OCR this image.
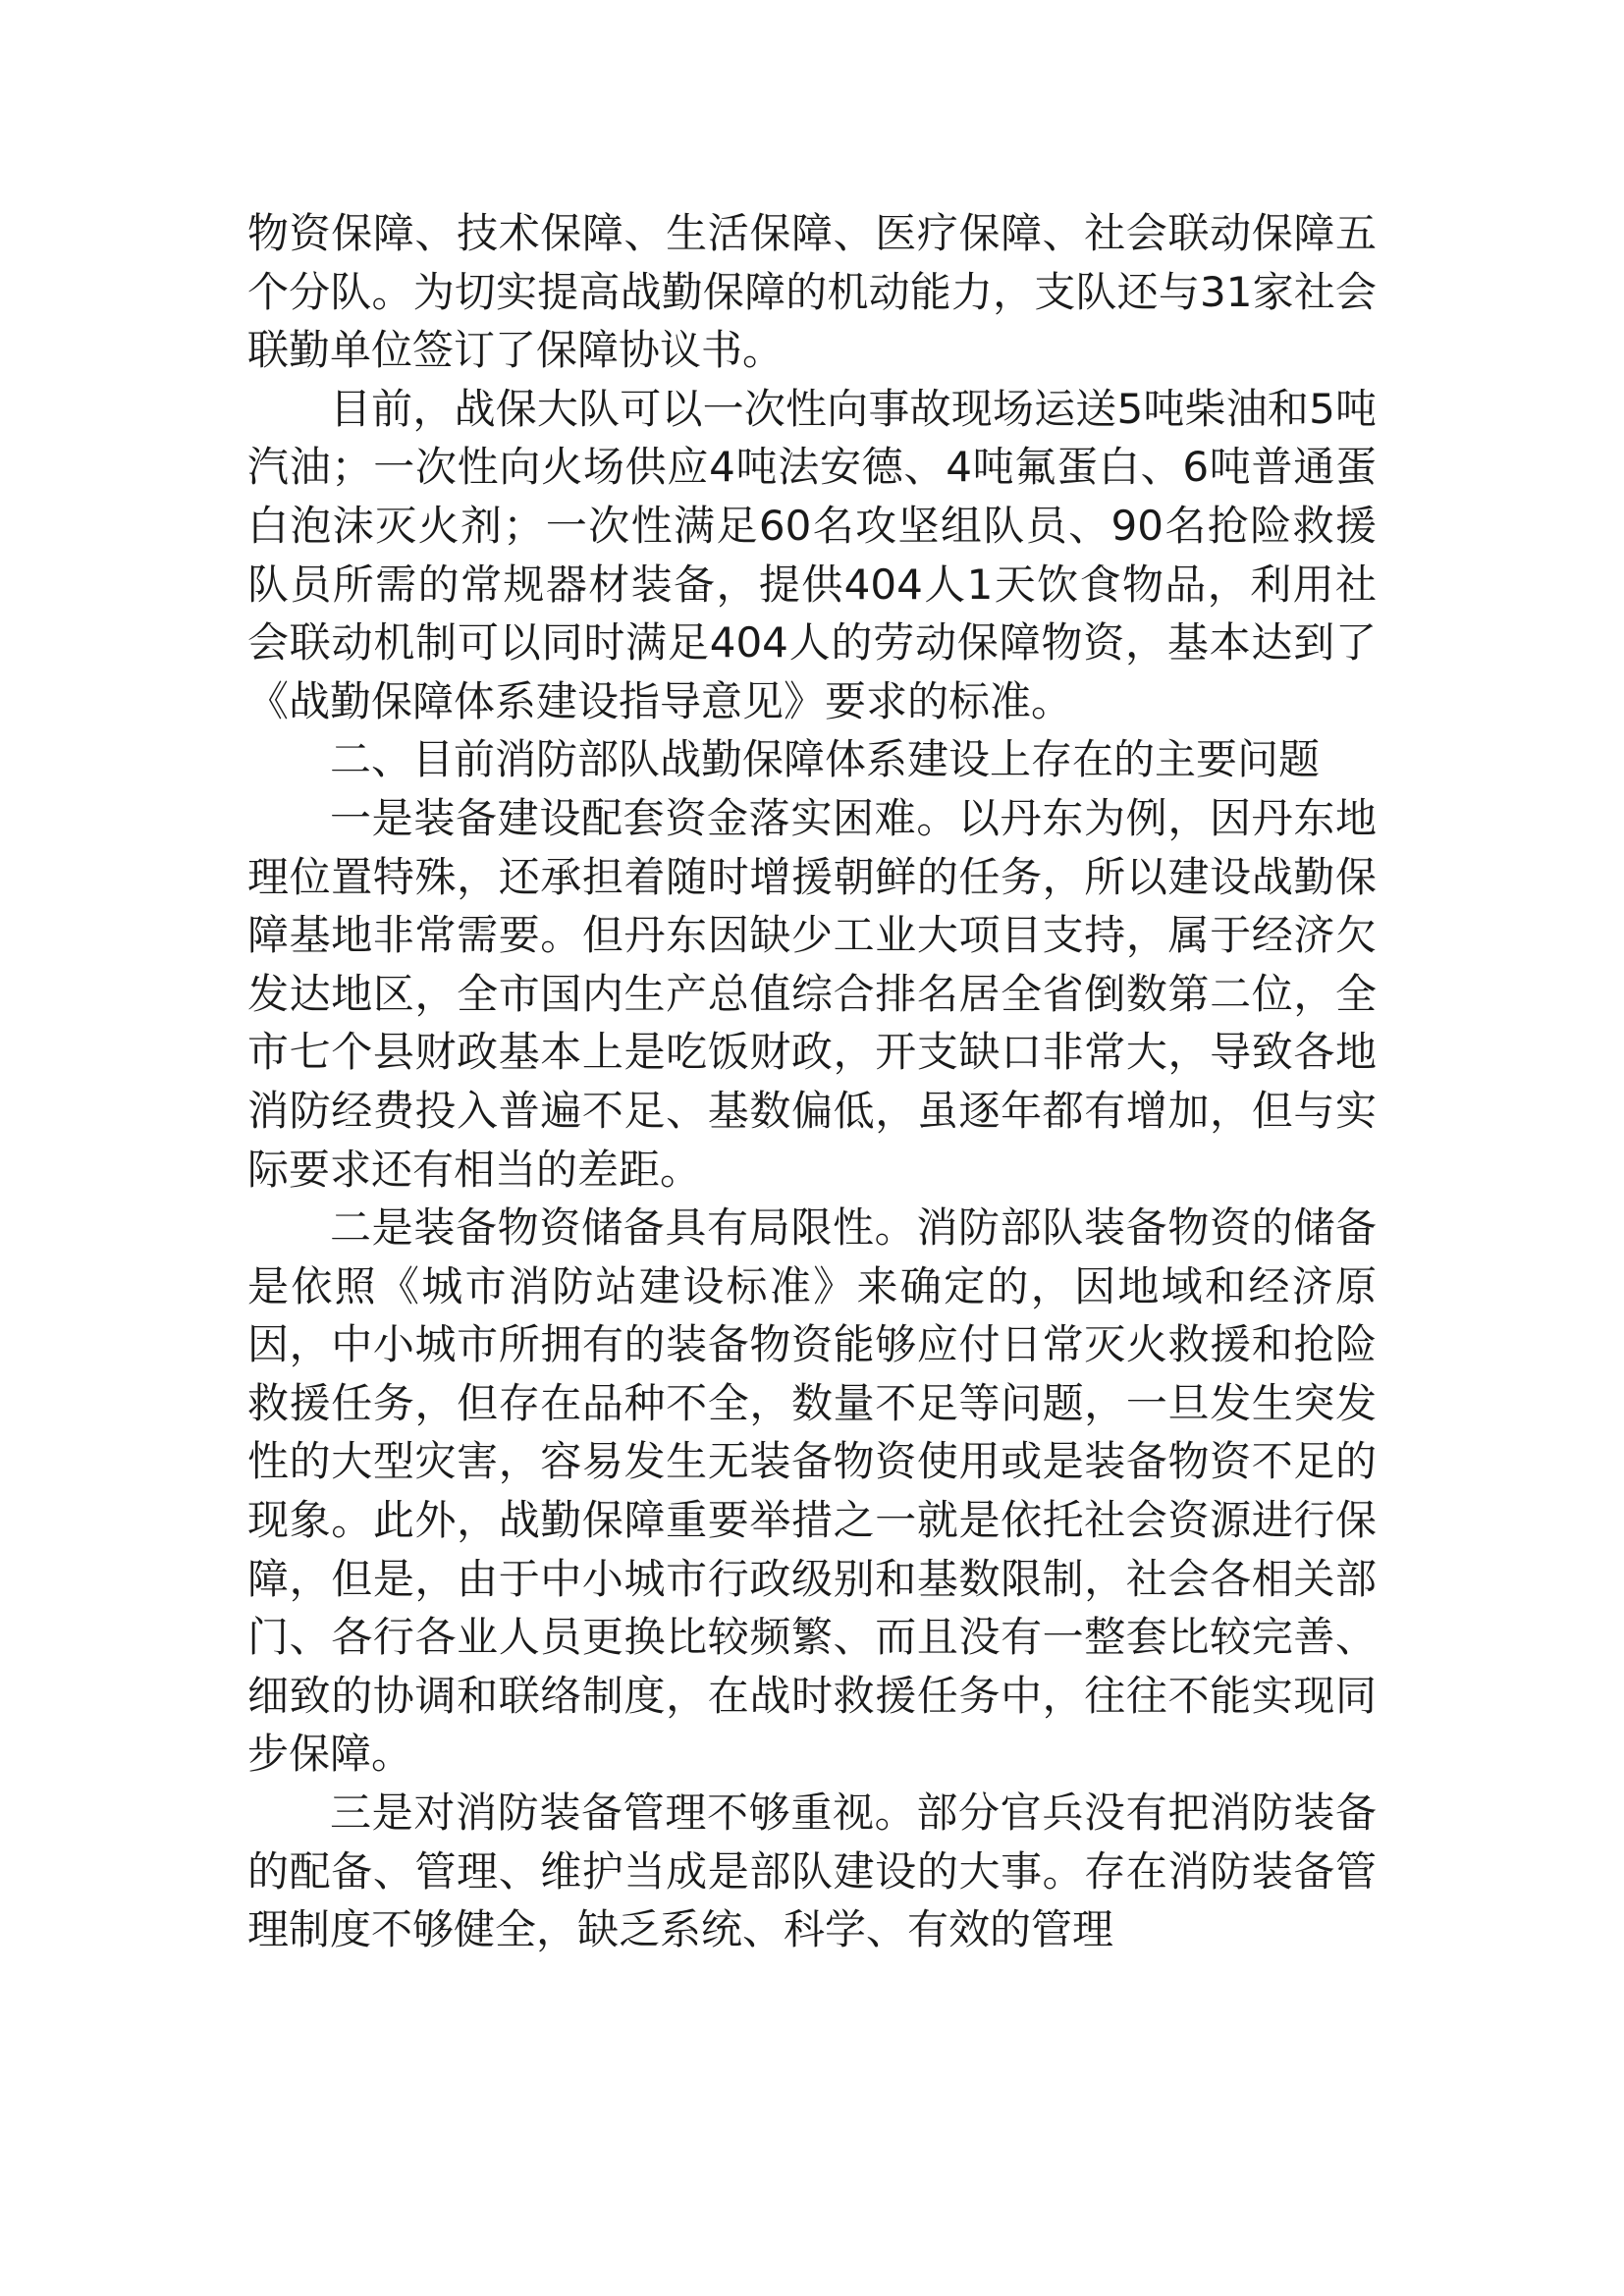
物资保障、技术保障、生活保障、医疗保障、社会联动保障五个分队。为切实提高战勤保障的机动能力，支队还与31家社会联勤单位签订了保障协议书。

目前，战保大队可以一次性向事故现场运送5吨柴油和5吨汽油；一次性向火场供应4吨法安德、4吨氟蛋白、6吨普通蛋白泡沫灭火剂；一次性满足60名攻坚组队员、90名抢险救援队员所需的常规器材装备，提供404人1天饮食物品，利用社会联动机制可以同时满足404人的劳动保障物资，基本达到了《战勤保障体系建设指导意见》要求的标准。

二、目前消防部队战勤保障体系建设上存在的主要问题

一是装备建设配套资金落实困难。以丹东为例，因丹东地理位置特殊，还承担着随时增援朝鲜的任务，所以建设战勤保障基地非常需要。但丹东因缺少工业大项目支持，属于经济欠发达地区，全市国内生产总值综合排名居全省倒数第二位，全市七个县财政基本上是吃饭财政，开支缺口非常大，导致各地消防经费投入普遍不足、基数偏低，虽逐年都有增加，但与实际要求还有相当的差距。

二是装备物资储备具有局限性。消防部队装备物资的储备是依照《城市消防站建设标准》来确定的，因地域和经济原因，中小城市所拥有的装备物资能够应付日常灭火救援和抢险救援任务，但存在品种不全，数量不足等问题，一旦发生突发性的大型灾害，容易发生无装备物资使用或是装备物资不足的现象。此外，战勤保障重要举措之一就是依托社会资源进行保障，但是，由于中小城市行政级别和基数限制，社会各相关部门、各行各业人员更换比较频繁、而且没有一整套比较完善、细致的协调和联络制度，在战时救援任务中，往往不能实现同步保障。

三是对消防装备管理不够重视。部分官兵没有把消防装备的配备、管理、维护当成是部队建设的大事。存在消防装备管理制度不够健全，缺乏系统、科学、有效的管理
